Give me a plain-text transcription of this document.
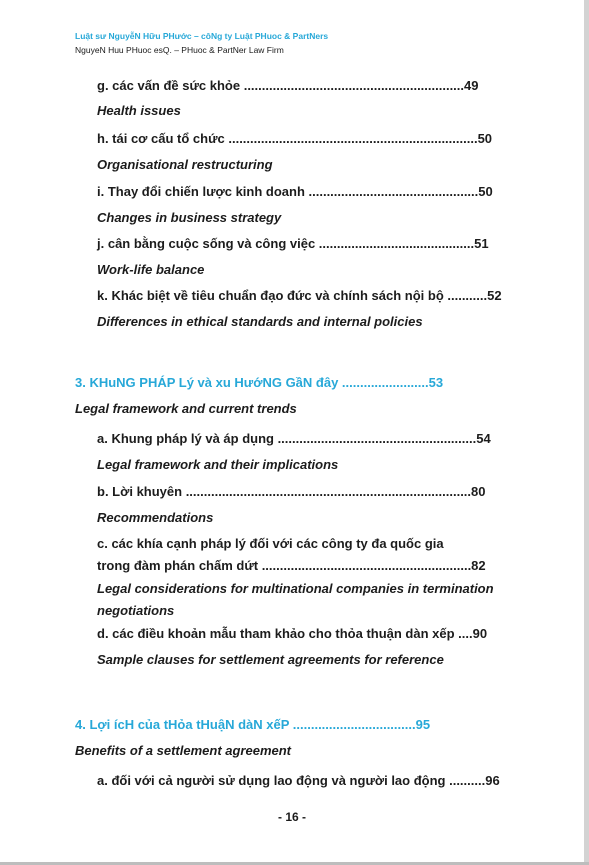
Luật sư NguyễN Hữu PHước – côNg ty Luật PHuoc & PartNers
NguyeN Huu PHuoc esQ. – PHuoc & PartNer Law Firm
g. các vấn đề sức khỏe .............................................................49
Health issues
h. tái cơ cấu tổ chức .....................................................................50
Organisational restructuring
i. Thay đổi chiến lược kinh doanh ...............................................50
Changes in business strategy
j. cân bằng cuộc sống và công việc ...........................................51
Work-life balance
k. Khác biệt về tiêu chuẩn đạo đức và chính sách nội bộ ...........52
Differences in ethical standards and internal policies
3. KHuNG PHÁP Lý và xu HướNG GầN đây ........................53
Legal framework and current trends
a. Khung pháp lý và áp dụng .......................................................54
Legal framework and their implications
b. Lời khuyên ...............................................................................80
Recommendations
c. các khía cạnh pháp lý đối với các công ty đa quốc gia
trong đàm phán chấm dứt ..........................................................82
Legal considerations for multinational companies in termination
negotiations
d. các điều khoản mẫu tham khảo cho thỏa thuận dàn xếp ....90
Sample clauses for settlement agreements for reference
4. Lợi ícH của tHỏa tHuậN dàN xếP ..................................95
Benefits of a settlement agreement
a. đối với cả người sử dụng lao động và người lao động ..........96
- 16 -
